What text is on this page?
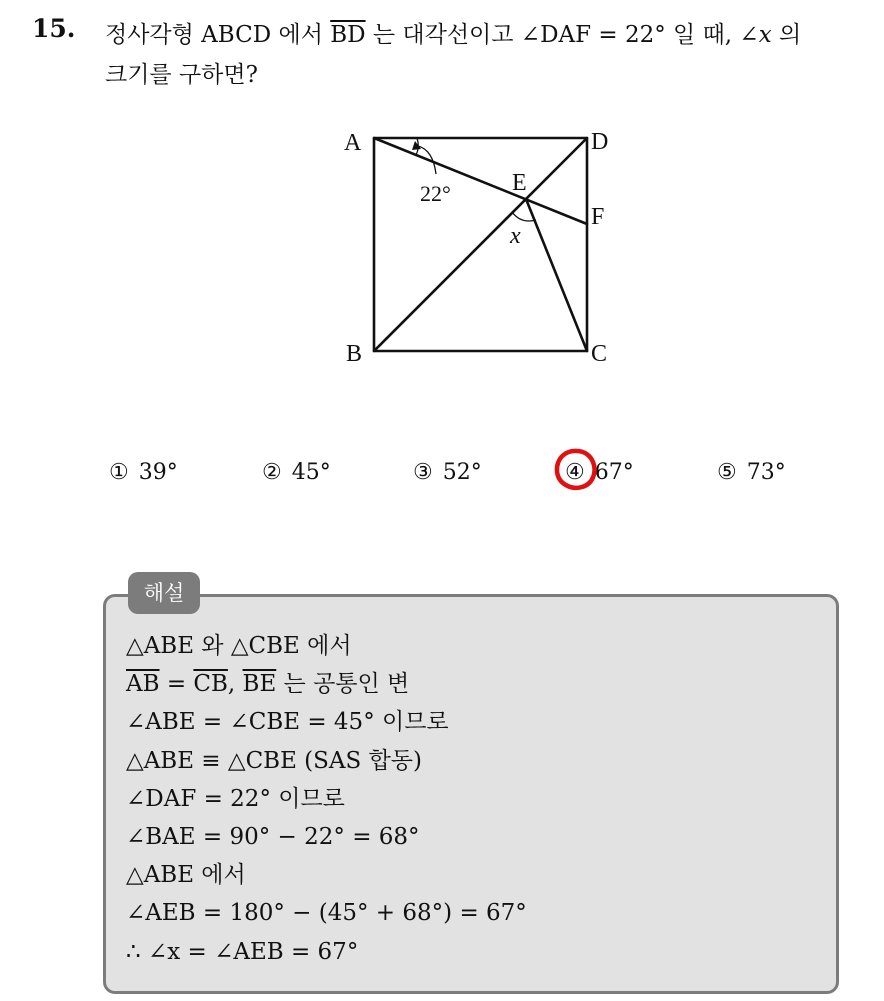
15. 정사각형 ABCD 에서 $\overline{BD}$ 는 대각선이고 ∠DAF = 22° 일 때, ∠x 의
크기를 구하면?
A	D
E
F
B	C
22°
x
① 39°	② 45°	③ 52°	④ 67°	⑤ 73°
해설
△ABE 와 △CBE 에서
$\overline{AB} = \overline{CB}$, $\overline{BE}$ 는 공통인 변
∠ABE = ∠CBE = 45° 이므로
△ABE ≡ △CBE (SAS 합동)
∠DAF = 22° 이므로
∠BAE = 90° − 22° = 68°
△ABE 에서
∠AEB = 180° − (45° + 68°) = 67°
∴ ∠x = ∠AEB = 67°
